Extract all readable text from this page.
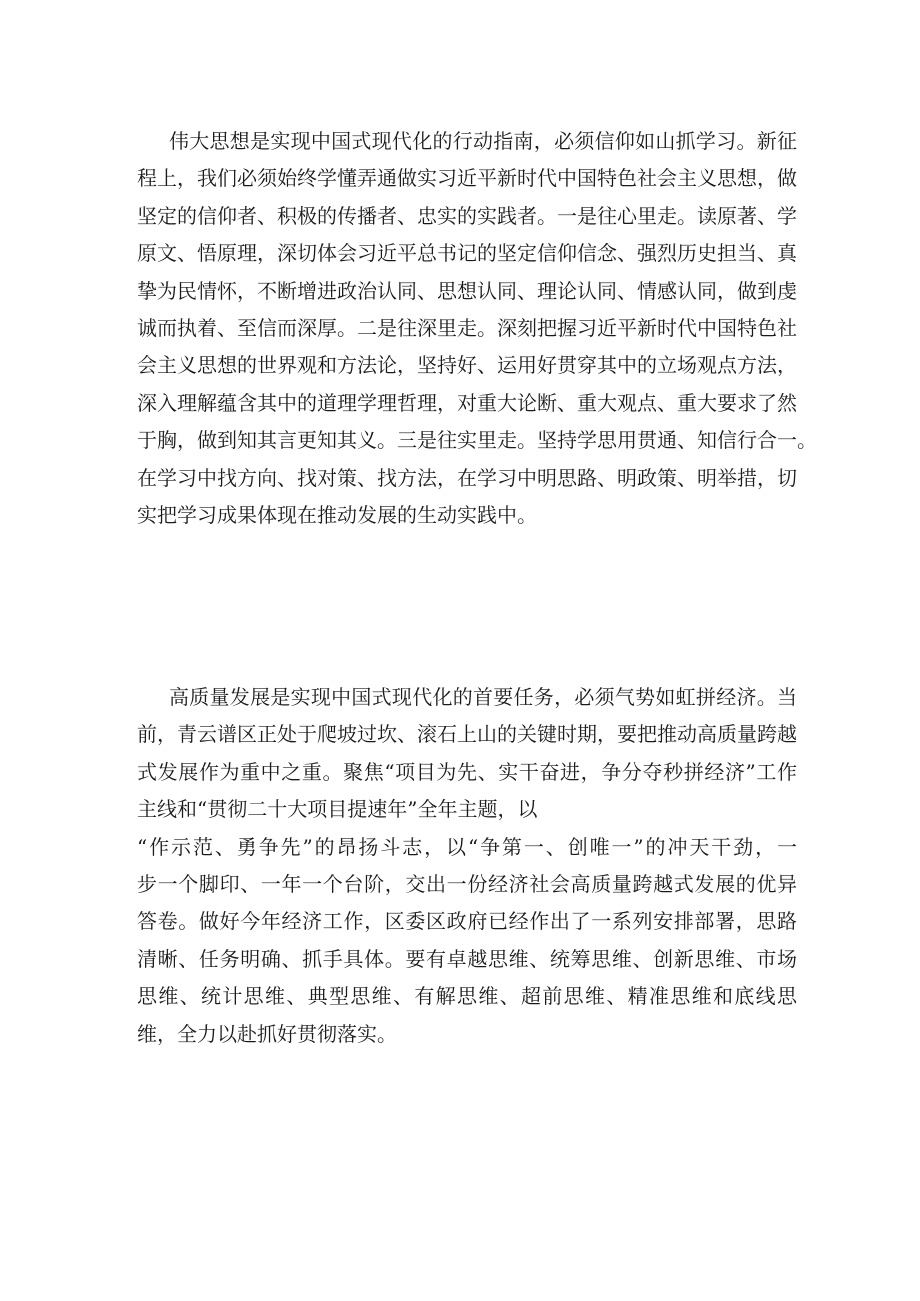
伟大思想是实现中国式现代化的行动指南，必须信仰如山抓学习。新征
程上，我们必须始终学懂弄通做实习近平新时代中国特色社会主义思想，做
坚定的信仰者、积极的传播者、忠实的实践者。一是往心里走。读原著、学
原文、悟原理，深切体会习近平总书记的坚定信仰信念、强烈历史担当、真
挚为民情怀，不断增进政治认同、思想认同、理论认同、情感认同，做到虔
诚而执着、至信而深厚。二是往深里走。深刻把握习近平新时代中国特色社
会主义思想的世界观和方法论，坚持好、运用好贯穿其中的立场观点方法，
深入理解蕴含其中的道理学理哲理，对重大论断、重大观点、重大要求了然
于胸，做到知其言更知其义。三是往实里走。坚持学思用贯通、知信行合一。
在学习中找方向、找对策、找方法，在学习中明思路、明政策、明举措，切
实把学习成果体现在推动发展的生动实践中。
高质量发展是实现中国式现代化的首要任务，必须气势如虹拼经济。当
前，青云谱区正处于爬坡过坎、滚石上山的关键时期，要把推动高质量跨越
式发展作为重中之重。聚焦“项目为先、实干奋进，争分夺秒拼经济”工作
主线和“贯彻二十大项目提速年”全年主题，以
“作示范、勇争先”的昂扬斗志，以“争第一、创唯一”的冲天干劲，一
步一个脚印、一年一个台阶，交出一份经济社会高质量跨越式发展的优异
答卷。做好今年经济工作，区委区政府已经作出了一系列安排部署，思路
清晰、任务明确、抓手具体。要有卓越思维、统筹思维、创新思维、市场
思维、统计思维、典型思维、有解思维、超前思维、精准思维和底线思
维，全力以赴抓好贯彻落实。
